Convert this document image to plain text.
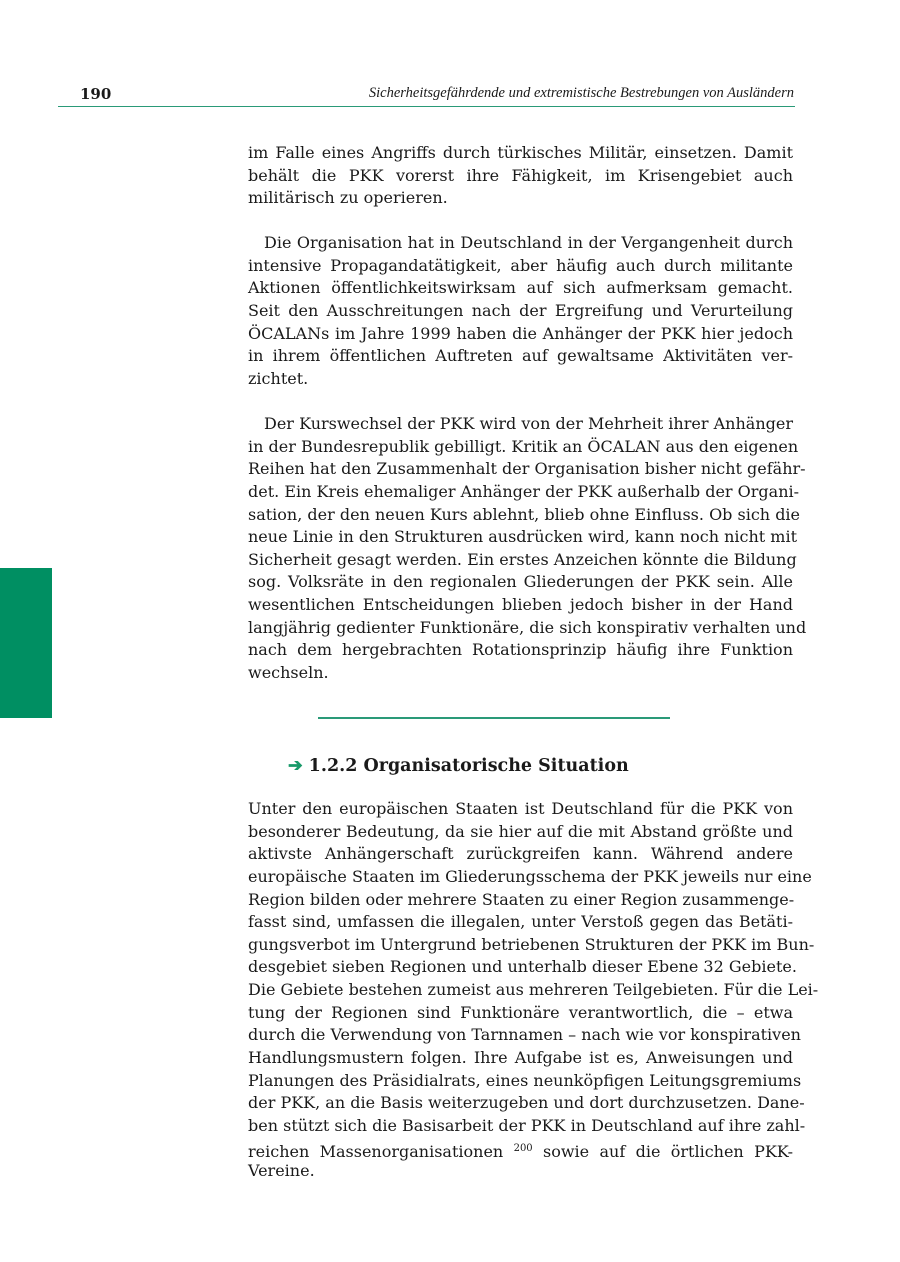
190	Sicherheitsgefährdende und extremistische Bestrebungen von Ausländern
im Falle eines Angriffs durch türkisches Militär, einsetzen. Damit
behält die PKK vorerst ihre Fähigkeit, im Krisengebiet auch
militärisch zu operieren.
 Die Organisation hat in Deutschland in der Vergangenheit durch
intensive Propagandatätigkeit, aber häufig auch durch militante
Aktionen öffentlichkeitswirksam auf sich aufmerksam gemacht.
Seit den Ausschreitungen nach der Ergreifung und Verurteilung
ÖCALANs im Jahre 1999 haben die Anhänger der PKK hier jedoch
in ihrem öffentlichen Auftreten auf gewaltsame Aktivitäten ver-
zichtet.
 Der Kurswechsel der PKK wird von der Mehrheit ihrer Anhänger
in der Bundesrepublik gebilligt. Kritik an ÖCALAN aus den eigenen
Reihen hat den Zusammenhalt der Organisation bisher nicht gefähr-
det. Ein Kreis ehemaliger Anhänger der PKK außerhalb der Organi-
sation, der den neuen Kurs ablehnt, blieb ohne Einfluss. Ob sich die
neue Linie in den Strukturen ausdrücken wird, kann noch nicht mit
Sicherheit gesagt werden. Ein erstes Anzeichen könnte die Bildung
sog. Volksräte in den regionalen Gliederungen der PKK sein. Alle
wesentlichen Entscheidungen blieben jedoch bisher in der Hand
langjährig gedienter Funktionäre, die sich konspirativ verhalten und
nach dem hergebrachten Rotationsprinzip häufig ihre Funktion
wechseln.
➔ 1.2.2 Organisatorische Situation
Unter den europäischen Staaten ist Deutschland für die PKK von
besonderer Bedeutung, da sie hier auf die mit Abstand größte und
aktivste Anhängerschaft zurückgreifen kann. Während andere
europäische Staaten im Gliederungsschema der PKK jeweils nur eine
Region bilden oder mehrere Staaten zu einer Region zusammenge-
fasst sind, umfassen die illegalen, unter Verstoß gegen das Betäti-
gungsverbot im Untergrund betriebenen Strukturen der PKK im Bun-
desgebiet sieben Regionen und unterhalb dieser Ebene 32 Gebiete.
Die Gebiete bestehen zumeist aus mehreren Teilgebieten. Für die Lei-
tung der Regionen sind Funktionäre verantwortlich, die – etwa
durch die Verwendung von Tarnnamen – nach wie vor konspirativen
Handlungsmustern folgen. Ihre Aufgabe ist es, Anweisungen und
Planungen des Präsidialrats, eines neunköpfigen Leitungsgremiums
der PKK, an die Basis weiterzugeben und dort durchzusetzen. Dane-
ben stützt sich die Basisarbeit der PKK in Deutschland auf ihre zahl-
reichen Massenorganisationen $^{200}$ sowie auf die örtlichen PKK-
Vereine.
